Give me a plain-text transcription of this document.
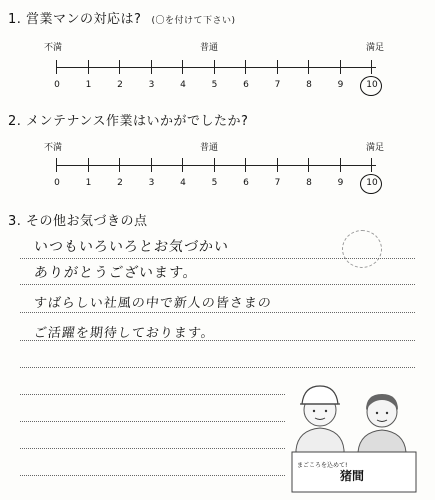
1. 営業マンの対応は? (〇を付けて下さい)
不満	普通	満足
0	1	2	3	4	5	6	7	8	9	10
2. メンテナンス作業はいかがでしたか?
不満	普通	満足
0	1	2	3	4	5	6	7	8	9	10
3. その他お気づきの点
いつもいろいろとお気づかい
ありがとうございます。
すばらしい社風の中で新人の皆さまの
ご活躍を期待しております。
まごころを込めて!
猪間
